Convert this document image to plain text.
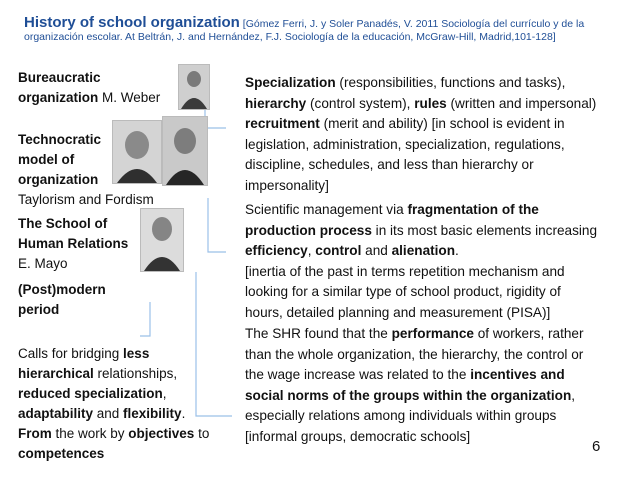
History of school organization [Gómez Ferri, J. y Soler Panadés, V. 2011 Sociología del currículo y de la organización escolar. At Beltrán, J. and Hernández, F.J. Sociología de la educación, McGraw-Hill, Madrid,101-128]
Bureaucratic
organization M. Weber
Technocratic
model of
organization
Taylorism and Fordism
The School of
Human Relations
E. Mayo
(Post)modern
period
Calls for bridging less
hierarchical relationships,
reduced specialization,
adaptability and flexibility.
From the work by objectives to
competences
Specialization (responsibilities, functions and tasks),
hierarchy (control system), rules (written and impersonal)
recruitment (merit and ability) [in school is evident in
legislation, administration, specialization, regulations,
discipline, schedules, and less than hierarchy or
impersonality]
Scientific management via fragmentation of the
production process in its most basic elements increasing
efficiency, control and alienation.
[inertia of the past in terms repetition mechanism and
looking for a similar type of school product, rigidity of
hours, detailed planning and measurement (PISA)]
The SHR found that the performance of workers, rather
than the whole organization, the hierarchy, the control or
the wage increase was related to the incentives and
social norms of the groups within the organization,
especially relations among individuals within groups
[informal groups, democratic schools]
6
